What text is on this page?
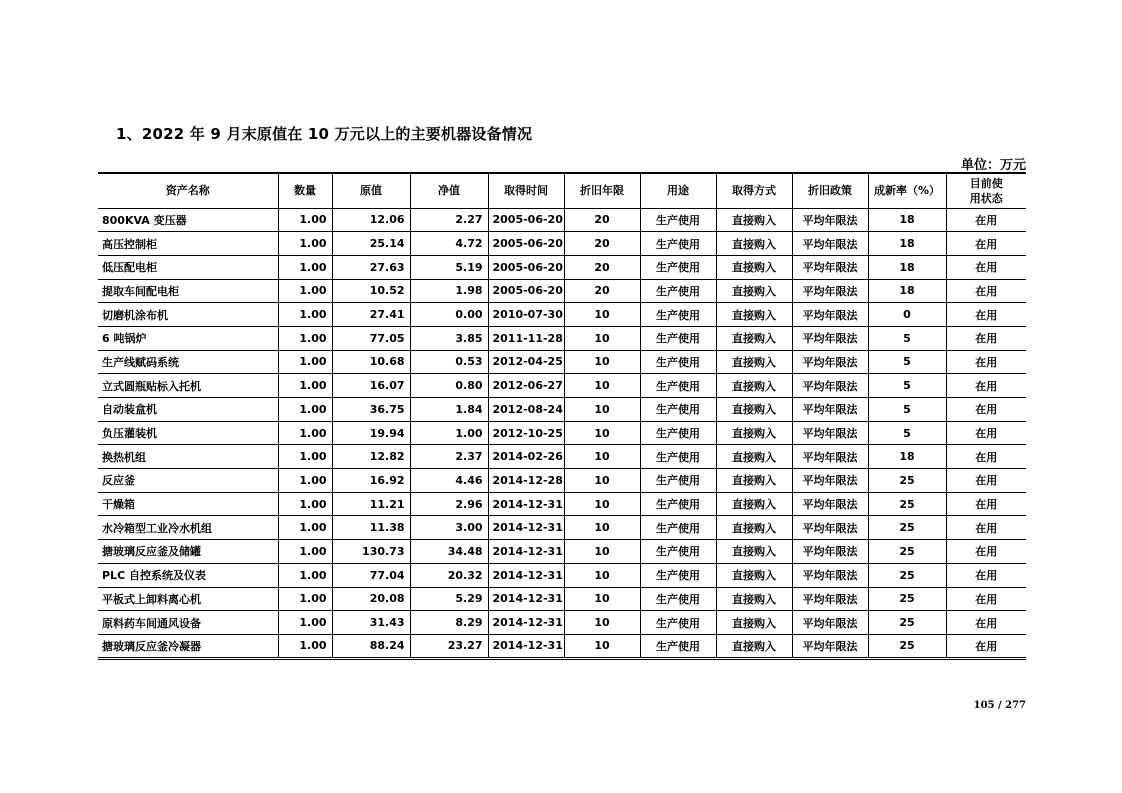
1、2022 年 9 月末原值在 10 万元以上的主要机器设备情况
单位：万元
资产名称	数量	原值	净值	取得时间	折旧年限	用途	取得方式	折旧政策	成新率（%）	目前使
用状态

800KVA 变压器	1.00	12.06	2.27	2005-06-20	20	生产使用	直接购入	平均年限法	18	在用
高压控制柜	1.00	25.14	4.72	2005-06-20	20	生产使用	直接购入	平均年限法	18	在用
低压配电柜	1.00	27.63	5.19	2005-06-20	20	生产使用	直接购入	平均年限法	18	在用
提取车间配电柜	1.00	10.52	1.98	2005-06-20	20	生产使用	直接购入	平均年限法	18	在用
切磨机涂布机	1.00	27.41	0.00	2010-07-30	10	生产使用	直接购入	平均年限法	0	在用
6 吨锅炉	1.00	77.05	3.85	2011-11-28	10	生产使用	直接购入	平均年限法	5	在用
生产线赋码系统	1.00	10.68	0.53	2012-04-25	10	生产使用	直接购入	平均年限法	5	在用
立式圆瓶贴标入托机	1.00	16.07	0.80	2012-06-27	10	生产使用	直接购入	平均年限法	5	在用
自动装盒机	1.00	36.75	1.84	2012-08-24	10	生产使用	直接购入	平均年限法	5	在用
负压灌装机	1.00	19.94	1.00	2012-10-25	10	生产使用	直接购入	平均年限法	5	在用
换热机组	1.00	12.82	2.37	2014-02-26	10	生产使用	直接购入	平均年限法	18	在用
反应釜	1.00	16.92	4.46	2014-12-28	10	生产使用	直接购入	平均年限法	25	在用
干燥箱	1.00	11.21	2.96	2014-12-31	10	生产使用	直接购入	平均年限法	25	在用
水冷箱型工业冷水机组	1.00	11.38	3.00	2014-12-31	10	生产使用	直接购入	平均年限法	25	在用
搪玻璃反应釜及储罐	1.00	130.73	34.48	2014-12-31	10	生产使用	直接购入	平均年限法	25	在用
PLC 自控系统及仪表	1.00	77.04	20.32	2014-12-31	10	生产使用	直接购入	平均年限法	25	在用
平板式上卸料离心机	1.00	20.08	5.29	2014-12-31	10	生产使用	直接购入	平均年限法	25	在用
原料药车间通风设备	1.00	31.43	8.29	2014-12-31	10	生产使用	直接购入	平均年限法	25	在用
搪玻璃反应釜冷凝器	1.00	88.24	23.27	2014-12-31	10	生产使用	直接购入	平均年限法	25	在用
105 / 277
